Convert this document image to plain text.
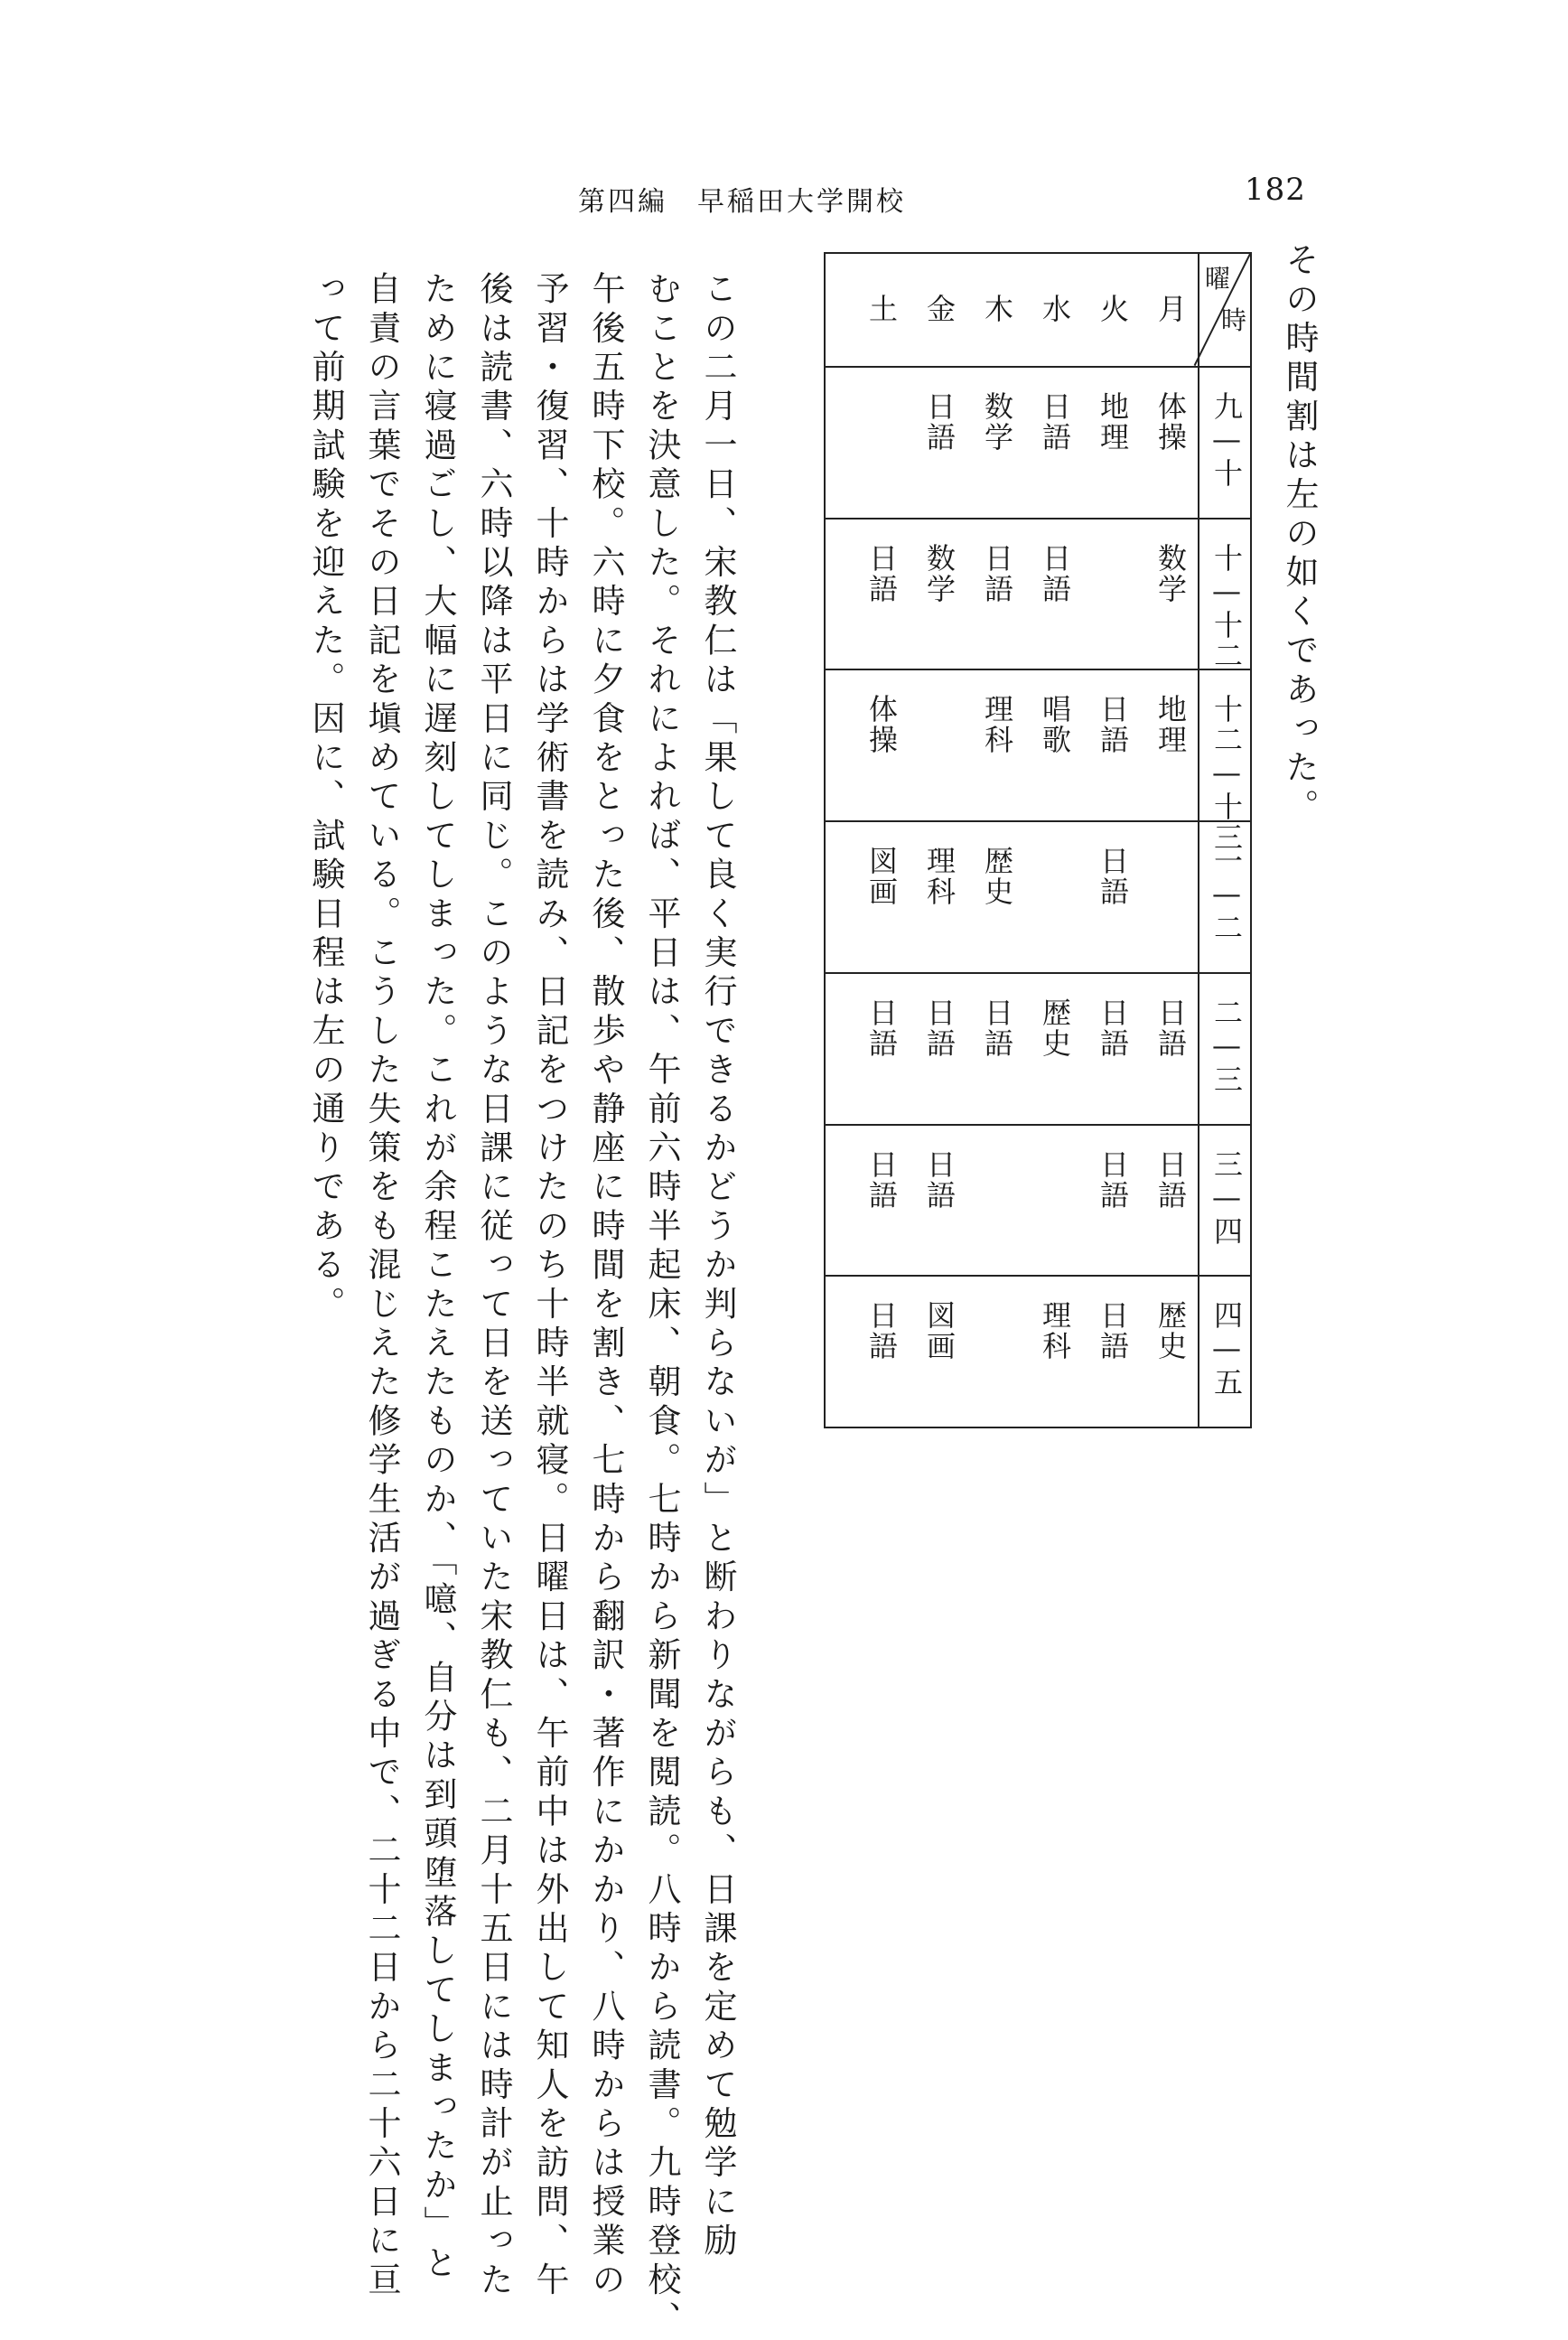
第四編　早稲田大学開校	182
その時間割は左の如くであった。
曜
時
月
火
水
木
金
土
九—十
体操
地理
日語
数学
日語
十—十二
数学
日語
日語
数学
日語
十二—十三
地理
日語
唱歌
理科
体操
一—二
日語
歴史
理科
図画
二—三
日語
日語
歴史
日語
日語
日語
三—四
日語
日語
日語
日語
四—五
歴史
日語
理科
図画
日語
この二月一日、宋教仁は「果して良く実行できるかどうか判らないが」と断わりながらも、日課を定めて勉学に励
むことを決意した。それによれば、平日は、午前六時半起床、朝食。七時から新聞を閲読。八時から読書。九時登校、
午後五時下校。六時に夕食をとった後、散歩や静座に時間を割き、七時から翻訳・著作にかかり、八時からは授業の
予習・復習、十時からは学術書を読み、日記をつけたのち十時半就寝。日曜日は、午前中は外出して知人を訪問、午
後は読書、六時以降は平日に同じ。このような日課に従って日を送っていた宋教仁も、二月十五日には時計が止った
ために寝過ごし、大幅に遅刻してしまった。これが余程こたえたものか、「噫、自分は到頭堕落してしまったか」と
自責の言葉でその日記を塡めている。こうした失策をも混じえた修学生活が過ぎる中で、二十二日から二十六日に亘
って前期試験を迎えた。因に、試験日程は左の通りである。
